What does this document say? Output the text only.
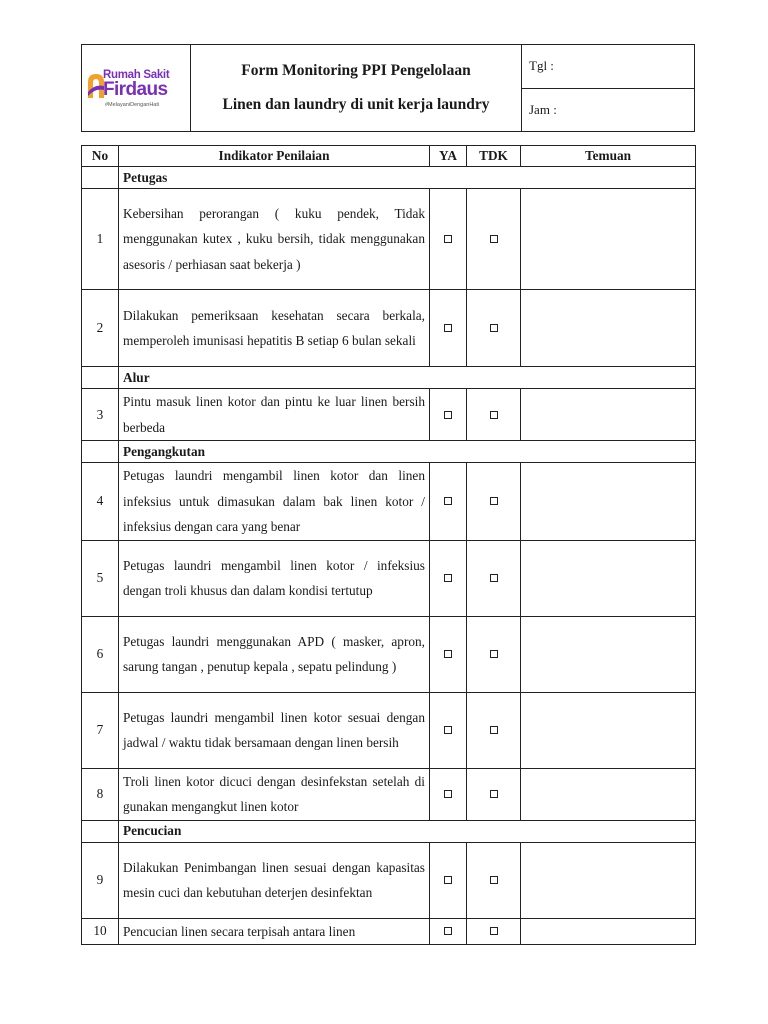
Rumah Sakit
Firdaus
#MelayaniDenganHati

Form Monitoring PPI Pengelolaan
Linen dan laundry di unit kerja laundry
	Tgl :
Jam :
No	Indikator Penilaian	YA	TDK	Temuan
	Petugas			
1	Kebersihan perorangan ( kuku pendek, Tidak menggunakan kutex , kuku bersih, tidak menggunakan asesoris / perhiasan saat bekerja )			
2	Dilakukan pemeriksaan kesehatan secara berkala, memperoleh imunisasi hepatitis B setiap 6 bulan sekali			
	Alur			
3	Pintu masuk linen kotor dan pintu ke luar linen bersih berbeda			
	Pengangkutan			
4	Petugas laundri mengambil linen kotor dan linen infeksius untuk dimasukan dalam bak linen kotor / infeksius dengan cara yang benar			
5	Petugas laundri mengambil linen kotor / infeksius dengan troli khusus dan dalam kondisi tertutup			
6	Petugas laundri menggunakan APD ( masker, apron, sarung tangan , penutup kepala , sepatu pelindung )			
7	Petugas laundri mengambil linen kotor sesuai dengan jadwal / waktu tidak bersamaan dengan linen bersih			
8	Troli linen kotor dicuci dengan desinfekstan setelah di gunakan mengangkut linen kotor			
	Pencucian			
9	Dilakukan Penimbangan linen sesuai dengan kapasitas mesin cuci dan kebutuhan deterjen desinfektan			
10	Pencucian linen secara terpisah antara linen			
